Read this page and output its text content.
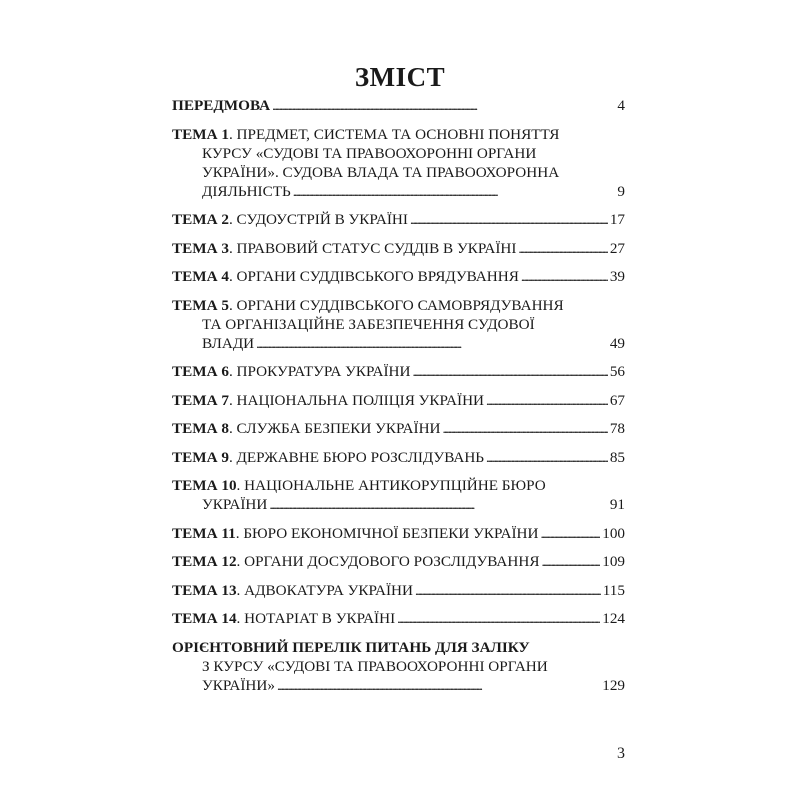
ЗМІСТ
ПЕРЕДМОВА . . .	4
ТЕМА 1 . ПРЕДМЕТ, СИСТЕМА ТА ОСНОВНІ ПОНЯТТЯ
КУРСУ «СУДОВІ ТА ПРАВООХОРОННІ ОРГАНИ
УКРАЇНИ». СУДОВА ВЛАДА ТА ПРАВООХОРОННА
ДІЯЛЬНІСТЬ . . .	9
ТЕМА 2 . СУДОУСТРІЙ В УКРАЇНІ . . .	17
ТЕМА 3 . ПРАВОВИЙ СТАТУС СУДДІВ В УКРАЇНІ . . .	27
ТЕМА 4 . ОРГАНИ СУДДІВСЬКОГО ВРЯДУВАННЯ . . .	39
ТЕМА 5 . ОРГАНИ СУДДІВСЬКОГО САМОВРЯДУВАННЯ
ТА ОРГАНІЗАЦІЙНЕ ЗАБЕЗПЕЧЕННЯ СУДОВОЇ
ВЛАДИ . . .	49
ТЕМА 6 . ПРОКУРАТУРА УКРАЇНИ . . .	56
ТЕМА 7 . НАЦІОНАЛЬНА ПОЛІЦІЯ УКРАЇНИ . . .	67
ТЕМА 8 . СЛУЖБА БЕЗПЕКИ УКРАЇНИ . . .	78
ТЕМА 9 . ДЕРЖАВНЕ БЮРО РОЗСЛІДУВАНЬ . . .	85
ТЕМА 10 . НАЦІОНАЛЬНЕ АНТИКОРУПЦІЙНЕ БЮРО
УКРАЇНИ . . .	91
ТЕМА 11 . БЮРО ЕКОНОМІЧНОЇ БЕЗПЕКИ УКРАЇНИ . . .	100
ТЕМА 12 . ОРГАНИ ДОСУДОВОГО РОЗСЛІДУВАННЯ . . .	109
ТЕМА 13 . АДВОКАТУРА УКРАЇНИ . . .	115
ТЕМА 14 . НОТАРІАТ В УКРАЇНІ . . .	124
ОРІЄНТОВНИЙ ПЕРЕЛІК ПИТАНЬ ДЛЯ ЗАЛІКУ
З КУРСУ «СУДОВІ ТА ПРАВООХОРОННІ ОРГАНИ
УКРАЇНИ» . . .	129
3
